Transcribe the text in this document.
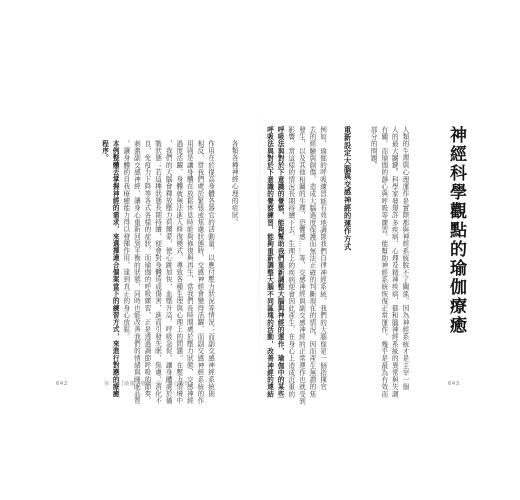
各類各種神經心理的症狀。
作用在於提高身體各器官的活動量，以應付壓力狀況等情況；而副交感神經系統則
相反，當我們處於緊張或焦慮狀態時，交感神經會變得活躍，而副交感神經系統的作
用則是讓身體在放鬆休息時能夠修復與再生，當我們長時間處於壓力狀態，交感神經
過度活躍，身體就無法進入修復模式，導致各種生理與心理上的問題。在壓力情境中
，我們的大腦會釋放壓力荷爾蒙，使心跳加快、血壓升高、呼吸急促，讓身體處於備
戰狀態；若這種狀態長期持續，便會對身體造成傷害，進而引發失眠、焦慮、消化不
良、免疫力下降等各式各樣的症狀。而瑜伽的呼吸練習，正是透過調節呼吸的節奏，
刺激副交感神經，讓身心重新回到平衡的狀態，同時也能改善我們的情緒與睡眠品質
，讓身體的自我療癒能力得以發揮作用，達到真正的身心放鬆。
本例整體去掌握神經的需求，來選擇適合個案當下的練習方式，來進行對應的療癒
程序。
042	第一章│瑜伽「療癒」的「身心觀察」	人類的生理與心理運作是實際都與神經系統脫不了關係，因為神經系統才是主宰一個
人的最大關鍵。科學家發現許多疾病、心理及精神疾病，都和腦神經系統的異常與失調
有關，而瑜伽的靜心與呼吸等練習，能幫助神經系統恢復正常運作，幾乎是最為有效而
部分的問題。
重新設定大腦與交感神經的運作方式
例如，瑜伽的呼吸練習能有效地調節我們自律神經系統。我們的大腦像是一個指揮官
去的經驗與創傷，造成大腦過度保護而無法正確的判斷現在的情況，因而產生無謂的焦
發生，以及其他相關的生理、恐懼感……等，交感神經與副交感神經的正常運作也就受到
影響。當這樣的情況長期持續下去，生理上的疾病便會因此產生，在身心上造成沉重的
呼吸法與對於下意識的覺察，能夠幫助我們重新調整大腦與神經的運作，瑜伽中的某些
呼吸法與對於下意識的覺察練習，能夠重新調整大腦不同區塊的活動，改善神經的連結	043
神經科學觀點的瑜伽療癒
